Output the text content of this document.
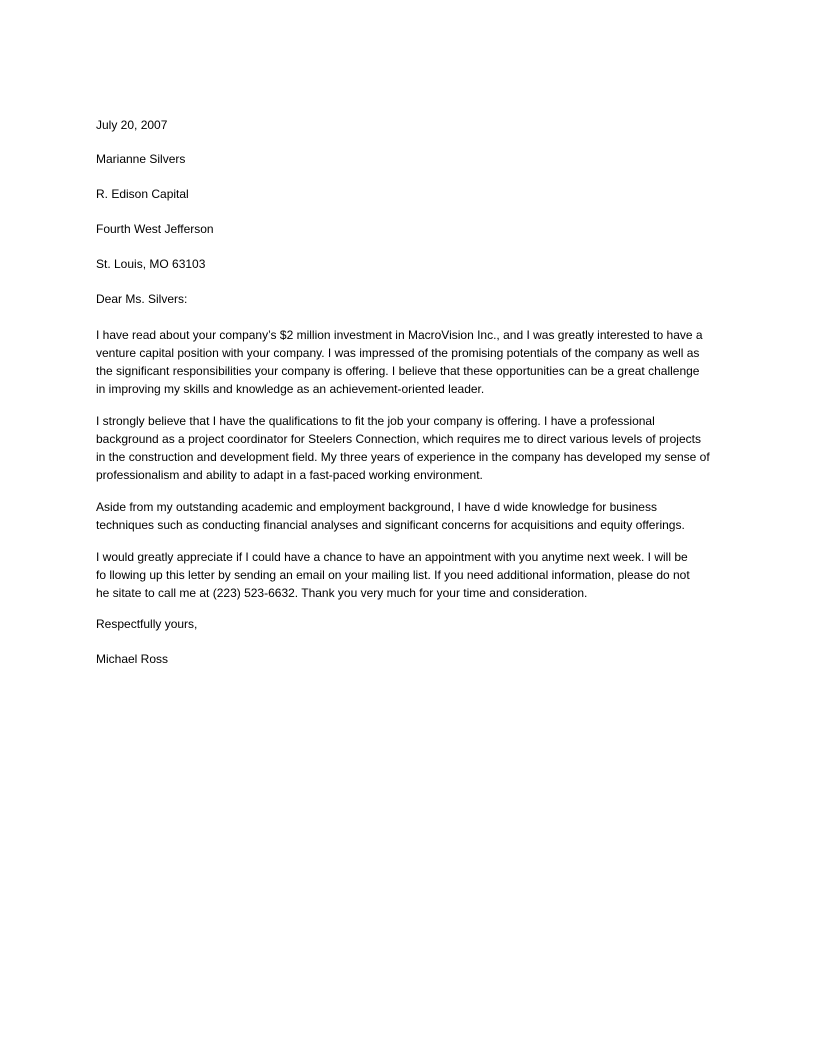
July 20, 2007

Marianne Silvers

R. Edison Capital

Fourth West Jefferson

St. Louis, MO 63103

Dear Ms. Silvers:

I have read about your company’s $2 million investment in MacroVision Inc., and I was greatly interested to have a
venture capital position with your company. I was impressed of the promising potentials of the company as well as
the significant responsibilities your company is offering. I believe that these opportunities can be a great challenge
in improving my skills and knowledge as an achievement-oriented leader.
I strongly believe that I have the qualifications to fit the job your company is offering. I have a professional
background as a project coordinator for Steelers Connection, which requires me to direct various levels of projects
in the construction and development field. My three years of experience in the company has developed my sense of
professionalism and ability to adapt in a fast-paced working environment.
Aside from my outstanding academic and employment background, I have d wide knowledge for business
techniques such as conducting financial analyses and significant concerns for acquisitions and equity offerings.
I would greatly appreciate if I could have a chance to have an appointment with you anytime next week. I will be
fo llowing up this letter by sending an email on your mailing list. If you need additional information, please do not
he sitate to call me at (223) 523-6632. Thank you very much for your time and consideration.

Respectfully yours,

Michael Ross
